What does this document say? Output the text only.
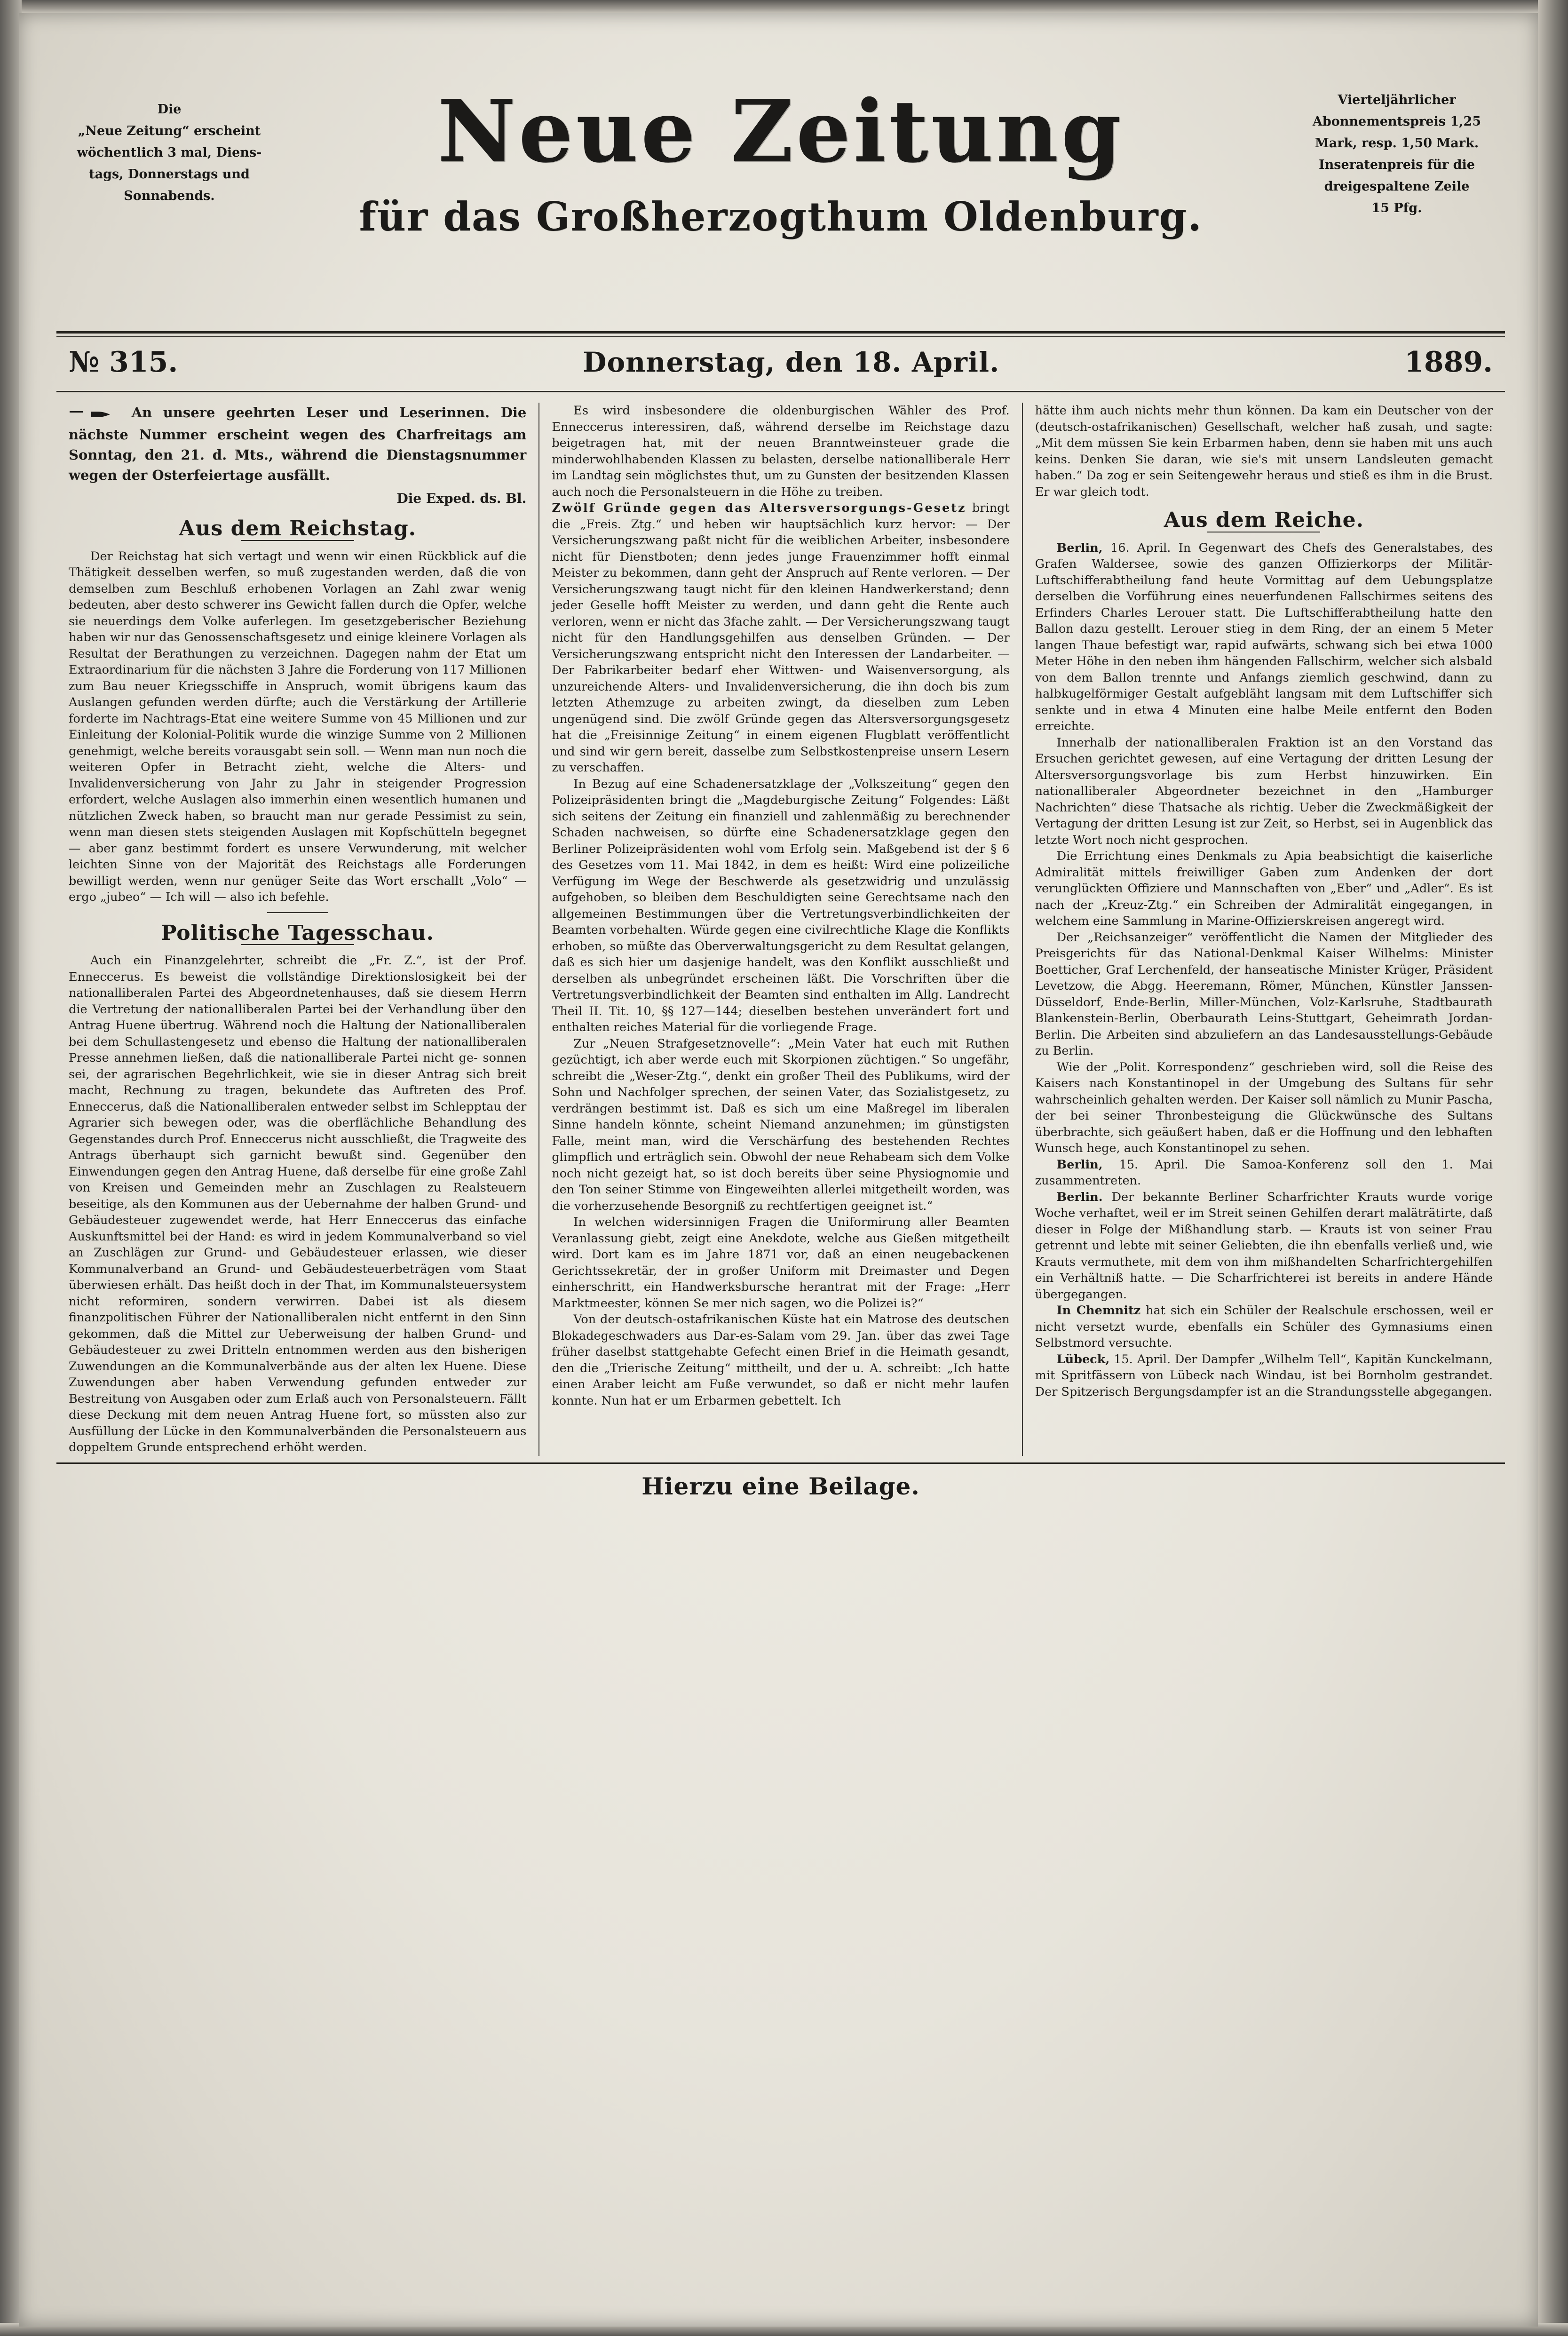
Die
„Neue Zeitung“ erscheint
wöchentlich 3 mal, Diens-
tags, Donnerstags und
Sonnabends.
Vierteljährlicher
Abonnementspreis 1,25
Mark, resp. 1,50 Mark.
Inseratenpreis für die
dreigespaltene Zeile
15 Pfg.
Neue Zeitung
für das Großherzogthum Oldenburg.
№ 315.	Donnerstag, den 18. April.	1889.

An unsere geehrten Leser und Leserinnen. Die nächste Nummer erscheint wegen des Charfreitags am Sonntag, den 21. d. Mts., während die Dienstagsnummer wegen der Osterfeiertage ausfällt.
Die Exped. ds. Bl.

Aus dem Reichstag.

Der Reichstag hat sich vertagt und wenn wir einen Rückblick auf die Thätigkeit desselben werfen, so muß zugestanden werden, daß die von demselben zum Beschluß erhobenen Vorlagen an Zahl zwar wenig bedeuten, aber desto schwerer ins Gewicht fallen durch die Opfer, welche sie neuerdings dem Volke auferlegen. Im gesetzgeberischer Beziehung haben wir nur das Genossenschaftsgesetz und einige kleinere Vorlagen als Resultat der Berathungen zu verzeichnen. Dagegen nahm der Etat um Extraordinarium für die nächsten 3 Jahre die Forderung von 117 Millionen zum Bau neuer Kriegsschiffe in Anspruch, womit übrigens kaum das Auslangen gefunden werden dürfte; auch die Verstärkung der Artillerie forderte im Nachtrags-Etat eine weitere Summe von 45 Millionen und zur Einleitung der Kolonial-Politik wurde die winzige Summe von 2 Millionen genehmigt, welche bereits vorausgabt sein soll. — Wenn man nun noch die weiteren Opfer in Betracht zieht, welche die Alters- und Invalidenversicherung von Jahr zu Jahr in steigender Progression erfordert, welche Auslagen also immerhin einen wesentlich humanen und nützlichen Zweck haben, so braucht man nur gerade Pessimist zu sein, wenn man diesen stets steigenden Auslagen mit Kopfschütteln begegnet — aber ganz bestimmt fordert es unsere Verwunderung, mit welcher leichten Sinne von der Majorität des Reichstags alle Forderungen bewilligt werden, wenn nur genüger Seite das Wort erschallt „Volo“ — ergo „jubeo“ — Ich will — also ich befehle.

Politische Tagesschau.

Auch ein Finanzgelehrter, schreibt die „Fr. Z.“, ist der Prof. Enneccerus. Es beweist die vollständige Direktionslosigkeit bei der nationalliberalen Partei des Abgeordnetenhauses, daß sie diesem Herrn die Vertretung der nationalliberalen Partei bei der Verhandlung über den Antrag Huene übertrug. Während noch die Haltung der Nationalliberalen bei dem Schullastengesetz und ebenso die Haltung der nationalliberalen Presse annehmen ließen, daß die nationalliberale Partei nicht ge- sonnen sei, der agrarischen Begehrlichkeit, wie sie in dieser Antrag sich breit macht, Rechnung zu tragen, bekundete das Auftreten des Prof. Enneccerus, daß die Nationalliberalen entweder selbst im Schlepptau der Agrarier sich bewegen oder, was die oberflächliche Behandlung des Gegenstandes durch Prof. Enneccerus nicht ausschließt, die Tragweite des Antrags überhaupt sich garnicht bewußt sind. Gegenüber den Einwendungen gegen den Antrag Huene, daß derselbe für eine große Zahl von Kreisen und Gemeinden mehr an Zuschlagen zu Realsteuern beseitige, als den Kommunen aus der Uebernahme der halben Grund- und Gebäudesteuer zugewendet werde, hat Herr Enneccerus das einfache Auskunftsmittel bei der Hand: es wird in jedem Kommunalverband so viel an Zuschlägen zur Grund- und Gebäudesteuer erlassen, wie dieser Kommunalverband an Grund- und Gebäudesteuerbeträgen vom Staat überwiesen erhält. Das heißt doch in der That, im Kommunalsteuersystem nicht reformiren, sondern verwirren. Dabei ist als diesem finanzpolitischen Führer der Nationalliberalen nicht entfernt in den Sinn gekommen, daß die Mittel zur Ueberweisung der halben Grund- und Gebäudesteuer zu zwei Dritteln entnommen werden aus den bisherigen Zuwendungen an die Kommunalverbände aus der alten lex Huene. Diese Zuwendungen aber haben Verwendung gefunden entweder zur Bestreitung von Ausgaben oder zum Erlaß auch von Personalsteuern. Fällt diese Deckung mit dem neuen Antrag Huene fort, so müssten also zur Ausfüllung der Lücke in den Kommunalverbänden die Personalsteuern aus doppeltem Grunde entsprechend erhöht werden.

Es wird insbesondere die oldenburgischen Wähler des Prof. Enneccerus interessiren, daß, während derselbe im Reichstage dazu beigetragen hat, mit der neuen Branntweinsteuer grade die minderwohlhabenden Klassen zu belasten, derselbe nationalliberale Herr im Landtag sein möglichstes thut, um zu Gunsten der besitzenden Klassen auch noch die Personalsteuern in die Höhe zu treiben.

Zwölf Gründe gegen das Altersversorgungs-Gesetz bringt die „Freis. Ztg.“ und heben wir hauptsächlich kurz hervor: — Der Versicherungszwang paßt nicht für die weiblichen Arbeiter, insbesondere nicht für Dienstboten; denn jedes junge Frauenzimmer hofft einmal Meister zu bekommen, dann geht der Anspruch auf Rente verloren. — Der Versicherungszwang taugt nicht für den kleinen Handwerkerstand; denn jeder Geselle hofft Meister zu werden, und dann geht die Rente auch verloren, wenn er nicht das 3fache zahlt. — Der Versicherungszwang taugt nicht für den Handlungsgehilfen aus denselben Gründen. — Der Versicherungszwang entspricht nicht den Interessen der Landarbeiter. — Der Fabrikarbeiter bedarf eher Wittwen- und Waisenversorgung, als unzureichende Alters- und Invalidenversicherung, die ihn doch bis zum letzten Athemzuge zu arbeiten zwingt, da dieselben zum Leben ungenügend sind. Die zwölf Gründe gegen das Altersversorgungsgesetz hat die „Freisinnige Zeitung“ in einem eigenen Flugblatt veröffentlicht und sind wir gern bereit, dasselbe zum Selbstkostenpreise unsern Lesern zu verschaffen.

In Bezug auf eine Schadenersatzklage der „Volkszeitung“ gegen den Polizeipräsidenten bringt die „Magdeburgische Zeitung“ Folgendes: Läßt sich seitens der Zeitung ein finanziell und zahlenmäßig zu berechnender Schaden nachweisen, so dürfte eine Schadenersatzklage gegen den Berliner Polizeipräsidenten wohl vom Erfolg sein. Maßgebend ist der § 6 des Gesetzes vom 11. Mai 1842, in dem es heißt: Wird eine polizeiliche Verfügung im Wege der Beschwerde als gesetzwidrig und unzulässig aufgehoben, so bleiben dem Beschuldigten seine Gerechtsame nach den allgemeinen Bestimmungen über die Vertretungsverbindlichkeiten der Beamten vorbehalten. Würde gegen eine civilrechtliche Klage die Konflikts erhoben, so müßte das Oberverwaltungsgericht zu dem Resultat gelangen, daß es sich hier um dasjenige handelt, was den Konflikt ausschließt und derselben als unbegründet erscheinen läßt. Die Vorschriften über die Vertretungsverbindlichkeit der Beamten sind enthalten im Allg. Landrecht Theil II. Tit. 10, §§ 127—144; dieselben bestehen unverändert fort und enthalten reiches Material für die vorliegende Frage.

Zur „Neuen Strafgesetznovelle“: „Mein Vater hat euch mit Ruthen gezüchtigt, ich aber werde euch mit Skorpionen züchtigen.“ So ungefähr, schreibt die „Weser-Ztg.“, denkt ein großer Theil des Publikums, wird der Sohn und Nachfolger sprechen, der seinen Vater, das Sozialistgesetz, zu verdrängen bestimmt ist. Daß es sich um eine Maßregel im liberalen Sinne handeln könnte, scheint Niemand anzunehmen; im günstigsten Falle, meint man, wird die Verschärfung des bestehenden Rechtes glimpflich und erträglich sein. Obwohl der neue Rehabeam sich dem Volke noch nicht gezeigt hat, so ist doch bereits über seine Physiognomie und den Ton seiner Stimme von Eingeweihten allerlei mitgetheilt worden, was die vorherzusehende Besorgniß zu rechtfertigen geeignet ist.“

In welchen widersinnigen Fragen die Uniformirung aller Beamten Veranlassung giebt, zeigt eine Anekdote, welche aus Gießen mitgetheilt wird. Dort kam es im Jahre 1871 vor, daß an einen neugebackenen Gerichtssekretär, der in großer Uniform mit Dreimaster und Degen einherschritt, ein Handwerksbursche herantrat mit der Frage: „Herr Marktmeester, können Se mer nich sagen, wo die Polizei is?“

Von der deutsch-ostafrikanischen Küste hat ein Matrose des deutschen Blokadegeschwaders aus Dar-es-Salam vom 29. Jan. über das zwei Tage früher daselbst stattgehabte Gefecht einen Brief in die Heimath gesandt, den die „Trierische Zeitung“ mittheilt, und der u. A. schreibt: „Ich hatte einen Araber leicht am Fuße verwundet, so daß er nicht mehr laufen konnte. Nun hat er um Erbarmen gebettelt. Ich

hätte ihm auch nichts mehr thun können. Da kam ein Deutscher von der (deutsch-ostafrikanischen) Gesellschaft, welcher haß zusah, und sagte: „Mit dem müssen Sie kein Erbarmen haben, denn sie haben mit uns auch keins. Denken Sie daran, wie sie's mit unsern Landsleuten gemacht haben.“ Da zog er sein Seitengewehr heraus und stieß es ihm in die Brust. Er war gleich todt.

Aus dem Reiche.

Berlin, 16. April. In Gegenwart des Chefs des Generalstabes, des Grafen Waldersee, sowie des ganzen Offizierkorps der Militär-Luftschifferabtheilung fand heute Vormittag auf dem Uebungsplatze derselben die Vorführung eines neuerfundenen Fallschirmes seitens des Erfinders Charles Lerouer statt. Die Luftschifferabtheilung hatte den Ballon dazu gestellt. Lerouer stieg in dem Ring, der an einem 5 Meter langen Thaue befestigt war, rapid aufwärts, schwang sich bei etwa 1000 Meter Höhe in den neben ihm hängenden Fallschirm, welcher sich alsbald von dem Ballon trennte und Anfangs ziemlich geschwind, dann zu halbkugelförmiger Gestalt aufgebläht langsam mit dem Luftschiffer sich senkte und in etwa 4 Minuten eine halbe Meile entfernt den Boden erreichte.

Innerhalb der nationalliberalen Fraktion ist an den Vorstand das Ersuchen gerichtet gewesen, auf eine Vertagung der dritten Lesung der Altersversorgungsvorlage bis zum Herbst hinzuwirken. Ein nationalliberaler Abgeordneter bezeichnet in den „Hamburger Nachrichten“ diese Thatsache als richtig. Ueber die Zweckmäßigkeit der Vertagung der dritten Lesung ist zur Zeit, so Herbst, sei in Augenblick das letzte Wort noch nicht gesprochen.

Die Errichtung eines Denkmals zu Apia beabsichtigt die kaiserliche Admiralität mittels freiwilliger Gaben zum Andenken der dort verunglückten Offiziere und Mannschaften von „Eber“ und „Adler“. Es ist nach der „Kreuz-Ztg.“ ein Schreiben der Admiralität eingegangen, in welchem eine Sammlung in Marine-Offizierskreisen angeregt wird.

Der „Reichsanzeiger“ veröffentlicht die Namen der Mitglieder des Preisgerichts für das National-Denkmal Kaiser Wilhelms: Minister Boetticher, Graf Lerchenfeld, der hanseatische Minister Krüger, Präsident Levetzow, die Abgg. Heeremann, Römer, München, Künstler Janssen-Düsseldorf, Ende-Berlin, Miller-München, Volz-Karlsruhe, Stadtbaurath Blankenstein-Berlin, Oberbaurath Leins-Stuttgart, Geheimrath Jordan-Berlin. Die Arbeiten sind abzuliefern an das Landesausstellungs-Gebäude zu Berlin.

Wie der „Polit. Korrespondenz“ geschrieben wird, soll die Reise des Kaisers nach Konstantinopel in der Umgebung des Sultans für sehr wahrscheinlich gehalten werden. Der Kaiser soll nämlich zu Munir Pascha, der bei seiner Thronbesteigung die Glückwünsche des Sultans überbrachte, sich geäußert haben, daß er die Hoffnung und den lebhaften Wunsch hege, auch Konstantinopel zu sehen.

Berlin, 15. April. Die Samoa-Konferenz soll den 1. Mai zusammentreten.

Berlin. Der bekannte Berliner Scharfrichter Krauts wurde vorige Woche verhaftet, weil er im Streit seinen Gehilfen derart maläträtirte, daß dieser in Folge der Mißhandlung starb. — Krauts ist von seiner Frau getrennt und lebte mit seiner Geliebten, die ihn ebenfalls verließ und, wie Krauts vermuthete, mit dem von ihm mißhandelten Scharfrichtergehilfen ein Verhältniß hatte. — Die Scharfrichterei ist bereits in andere Hände übergegangen.

In Chemnitz hat sich ein Schüler der Realschule erschossen, weil er nicht versetzt wurde, ebenfalls ein Schüler des Gymnasiums einen Selbstmord versuchte.

Lübeck, 15. April. Der Dampfer „Wilhelm Tell“, Kapitän Kunckelmann, mit Spritfässern von Lübeck nach Windau, ist bei Bornholm gestrandet. Der Spitzerisch Bergungsdampfer ist an die Strandungsstelle abgegangen.

Hierzu eine Beilage.
